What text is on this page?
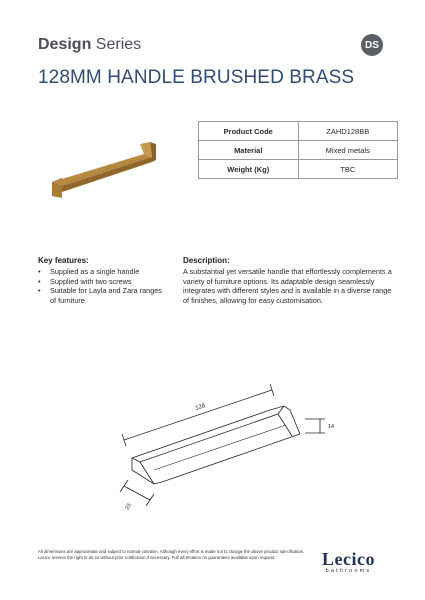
Design Series	DS
128MM HANDLE BRUSHED BRASS
Product Code	ZAHD128BB
Material	Mixed metals
Weight (Kg)	TBC
Key features:
• Supplied as a single handle
• Supplied with two screws
• Suitable for Layla and Zara ranges of furniture
Description:
A substantial yet versatile handle that effortlessly complements a variety of furniture options. Its adaptable design seamlessly integrates with different styles and is available in a diverse range of finishes, allowing for easy customisation.
128
14
23
All dimensions are approximate and subject to normal variation. Although every effort is made not to change the above product specification, Lecico reserve the right to do so without prior notification if necessary. Full information on guarantees available upon request.	Lecico
bathrooms
